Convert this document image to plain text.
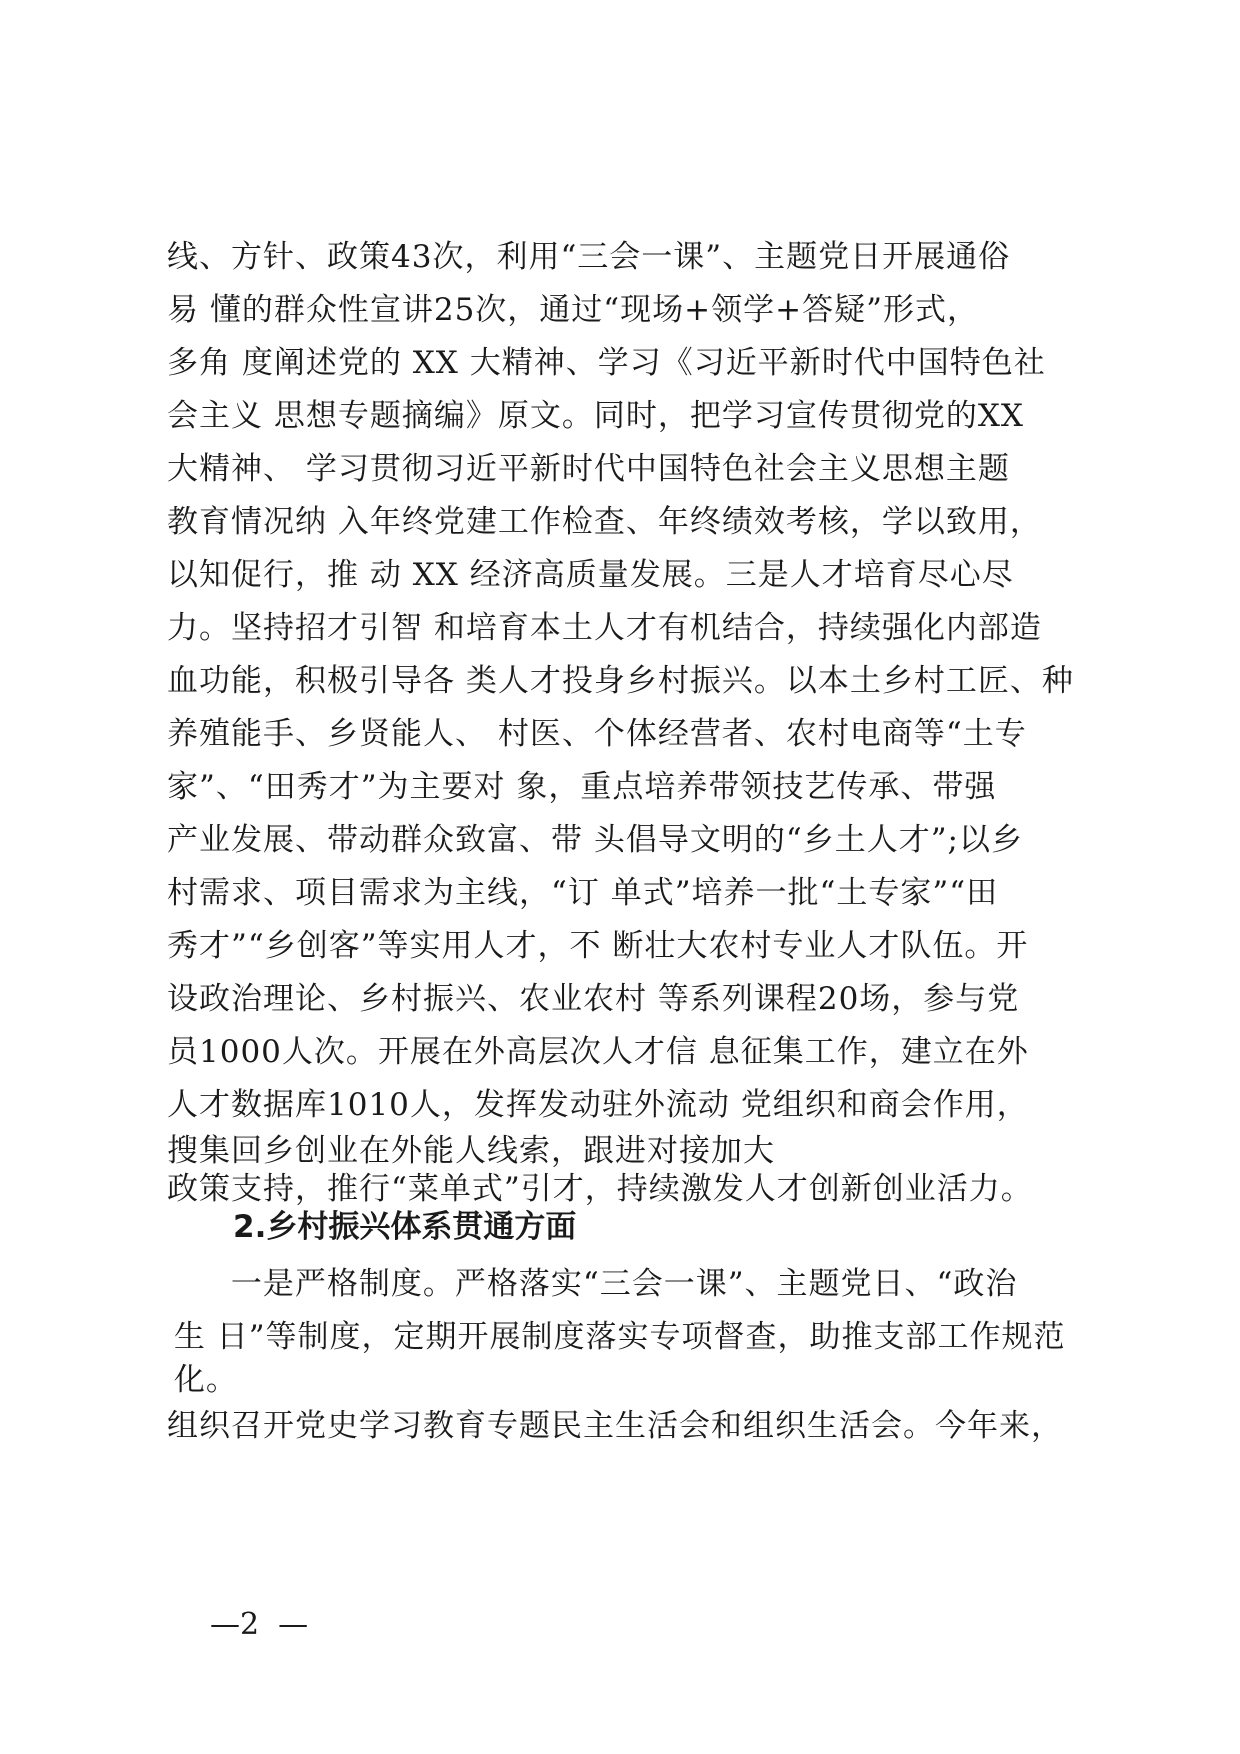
线、方针、政策43次，利用“三会一课”、主题党日开展通俗
易 懂的群众性宣讲25次，通过“现场+领学+答疑”形式，
多角 度阐述党的 XX 大精神、学习《习近平新时代中国特色社
会主义 思想专题摘编》原文。同时，把学习宣传贯彻党的XX
大精神、 学习贯彻习近平新时代中国特色社会主义思想主题
教育情况纳 入年终党建工作检查、年终绩效考核，学以致用，
以知促行，推 动 XX 经济高质量发展。三是人才培育尽心尽
力。坚持招才引智 和培育本土人才有机结合，持续强化内部造
血功能，积极引导各 类人才投身乡村振兴。以本土乡村工匠、种
养殖能手、乡贤能人、 村医、个体经营者、农村电商等“土专
家”、“田秀才”为主要对 象，重点培养带领技艺传承、带强
产业发展、带动群众致富、带 头倡导文明的“乡土人才”;以乡
村需求、项目需求为主线，“订 单式”培养一批“土专家”“田
秀才”“乡创客”等实用人才，不 断壮大农村专业人才队伍。开
设政治理论、乡村振兴、农业农村 等系列课程20场，参与党
员1000人次。开展在外高层次人才信 息征集工作，建立在外
人才数据库1010人，发挥发动驻外流动 党组织和商会作用，
搜集回乡创业在外能人线索，跟进对接加大
政策支持，推行“菜单式”引才，持续激发人才创新创业活力。
2.乡村振兴体系贯通方面
一是严格制度。严格落实“三会一课”、主题党日、“政治
生 日”等制度，定期开展制度落实专项督查，助推支部工作规范
化。
组织召开党史学习教育专题民主生活会和组织生活会。今年来，
—2  —
